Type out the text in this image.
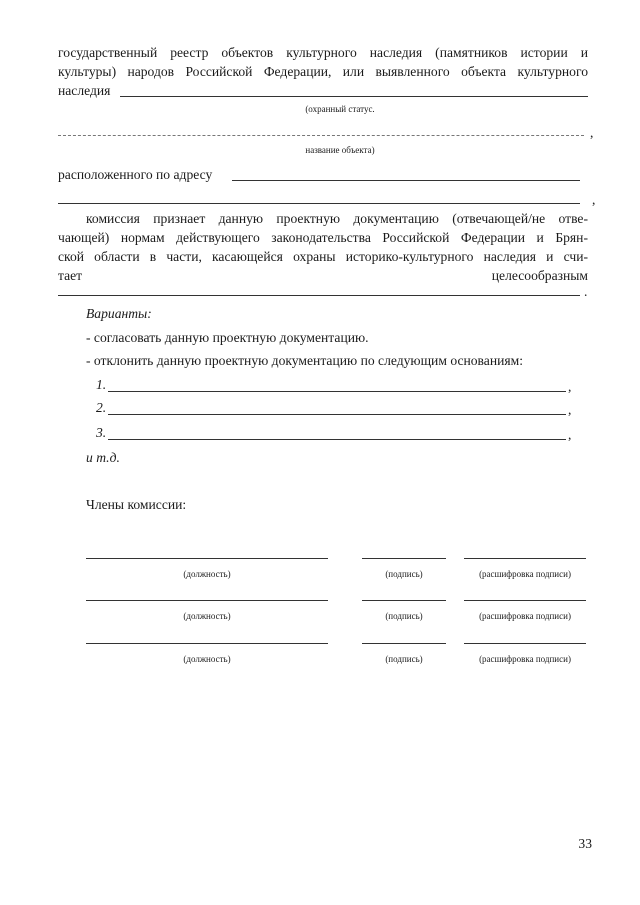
государственный реестр объектов культурного наследия (памятников истории и
культуры) народов Российской Федерации, или выявленного объекта культурного
наследия
(охранный статус.
,
название объекта)
расположенного по адресу
,
комиссия признает данную проектную документацию (отвечающей/не отве-
чающей) нормам действующего законодательства Российской Федерации и Брян-
ской области в части, касающейся охраны историко-культурного наследия и счи-
тает	целесообразным
.
Варианты:
- согласовать данную проектную документацию.
- отклонить данную проектную документацию по следующим основаниям:
1.	,
2.	,
3.	,
и т.д.
Члены комиссии:
(должность)	(подпись)	(расшифровка подписи)
(должность)	(подпись)	(расшифровка подписи)
(должность)	(подпись)	(расшифровка подписи)
33
